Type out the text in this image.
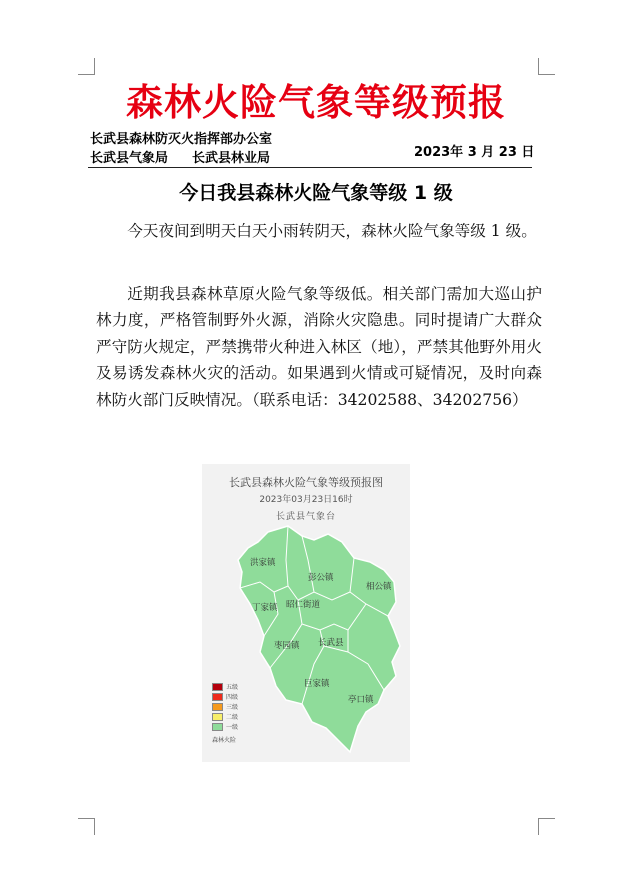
森林火险气象等级预报
长武县森林防灭火指挥部办公室
长武县气象局 长武县林业局	2023年 3 月 23 日
今日我县森林火险气象等级 1 级

今天夜间到明天白天小雨转阴天，森林火险气象等级 1 级。

近期我县森林草原火险气象等级低。相关部门需加大巡山护林力度，严格管制野外火源，消除火灾隐患。同时提请广大群众严守防火规定，严禁携带火种进入林区（地），严禁其他野外用火及易诱发森林火灾的活动。如果遇到火情或可疑情况，及时向森林防火部门反映情况。（联系电话：34202588、34202756）

长武县森林火险气象等级预报图
2023年03月23日16时
长武县气象台
洪家镇
彭公镇
相公镇
丁家镇 昭仁街道
枣园镇 长武县
巨家镇
亭口镇
五级
四级
三级
二级
一级
森林火险
